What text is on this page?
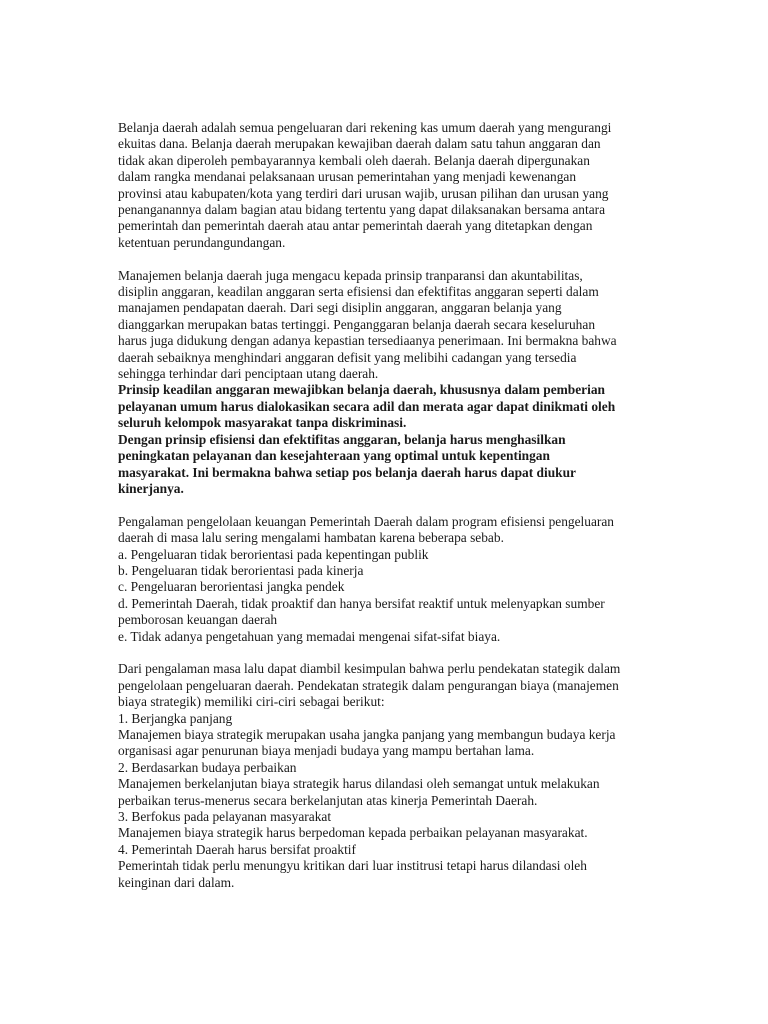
Belanja daerah adalah semua pengeluaran dari rekening kas umum daerah yang mengurangi
ekuitas dana. Belanja daerah merupakan kewajiban daerah dalam satu tahun anggaran dan
tidak akan diperoleh pembayarannya kembali oleh daerah. Belanja daerah dipergunakan
dalam rangka mendanai pelaksanaan urusan pemerintahan yang menjadi kewenangan
provinsi atau kabupaten/kota yang terdiri dari urusan wajib, urusan pilihan dan urusan yang
penanganannya dalam bagian atau bidang tertentu yang dapat dilaksanakan bersama antara
pemerintah dan pemerintah daerah atau antar pemerintah daerah yang ditetapkan dengan
ketentuan perundangundangan.

Manajemen belanja daerah juga mengacu kepada prinsip tranparansi dan akuntabilitas,
disiplin anggaran, keadilan anggaran serta efisiensi dan efektifitas anggaran seperti dalam
manajamen pendapatan daerah. Dari segi disiplin anggaran, anggaran belanja yang
dianggarkan merupakan batas tertinggi. Penganggaran belanja daerah secara keseluruhan
harus juga didukung dengan adanya kepastian tersediaanya penerimaan. Ini bermakna bahwa
daerah sebaiknya menghindari anggaran defisit yang melibihi cadangan yang tersedia
sehingga terhindar dari penciptaan utang daerah.
Prinsip keadilan anggaran mewajibkan belanja daerah, khususnya dalam pemberian
pelayanan umum harus dialokasikan secara adil dan merata agar dapat dinikmati oleh
seluruh kelompok masyarakat tanpa diskriminasi.
Dengan prinsip efisiensi dan efektifitas anggaran, belanja harus menghasilkan
peningkatan pelayanan dan kesejahteraan yang optimal untuk kepentingan
masyarakat. Ini bermakna bahwa setiap pos belanja daerah harus dapat diukur
kinerjanya.

Pengalaman pengelolaan keuangan Pemerintah Daerah dalam program efisiensi pengeluaran
daerah di masa lalu sering mengalami hambatan karena beberapa sebab.
a. Pengeluaran tidak berorientasi pada kepentingan publik
b. Pengeluaran tidak berorientasi pada kinerja
c. Pengeluaran berorientasi jangka pendek
d. Pemerintah Daerah, tidak proaktif dan hanya bersifat reaktif untuk melenyapkan sumber
pemborosan keuangan daerah
e. Tidak adanya pengetahuan yang memadai mengenai sifat-sifat biaya.

Dari pengalaman masa lalu dapat diambil kesimpulan bahwa perlu pendekatan stategik dalam
pengelolaan pengeluaran daerah. Pendekatan strategik dalam pengurangan biaya (manajemen
biaya strategik) memiliki ciri-ciri sebagai berikut:
1. Berjangka panjang
Manajemen biaya strategik merupakan usaha jangka panjang yang membangun budaya kerja
organisasi agar penurunan biaya menjadi budaya yang mampu bertahan lama.
2. Berdasarkan budaya perbaikan
Manajemen berkelanjutan biaya strategik harus dilandasi oleh semangat untuk melakukan
perbaikan terus-menerus secara berkelanjutan atas kinerja Pemerintah Daerah.
3. Berfokus pada pelayanan masyarakat
Manajemen biaya strategik harus berpedoman kepada perbaikan pelayanan masyarakat.
4. Pemerintah Daerah harus bersifat proaktif
Pemerintah tidak perlu menungyu kritikan dari luar institrusi tetapi harus dilandasi oleh
keinginan dari dalam.
